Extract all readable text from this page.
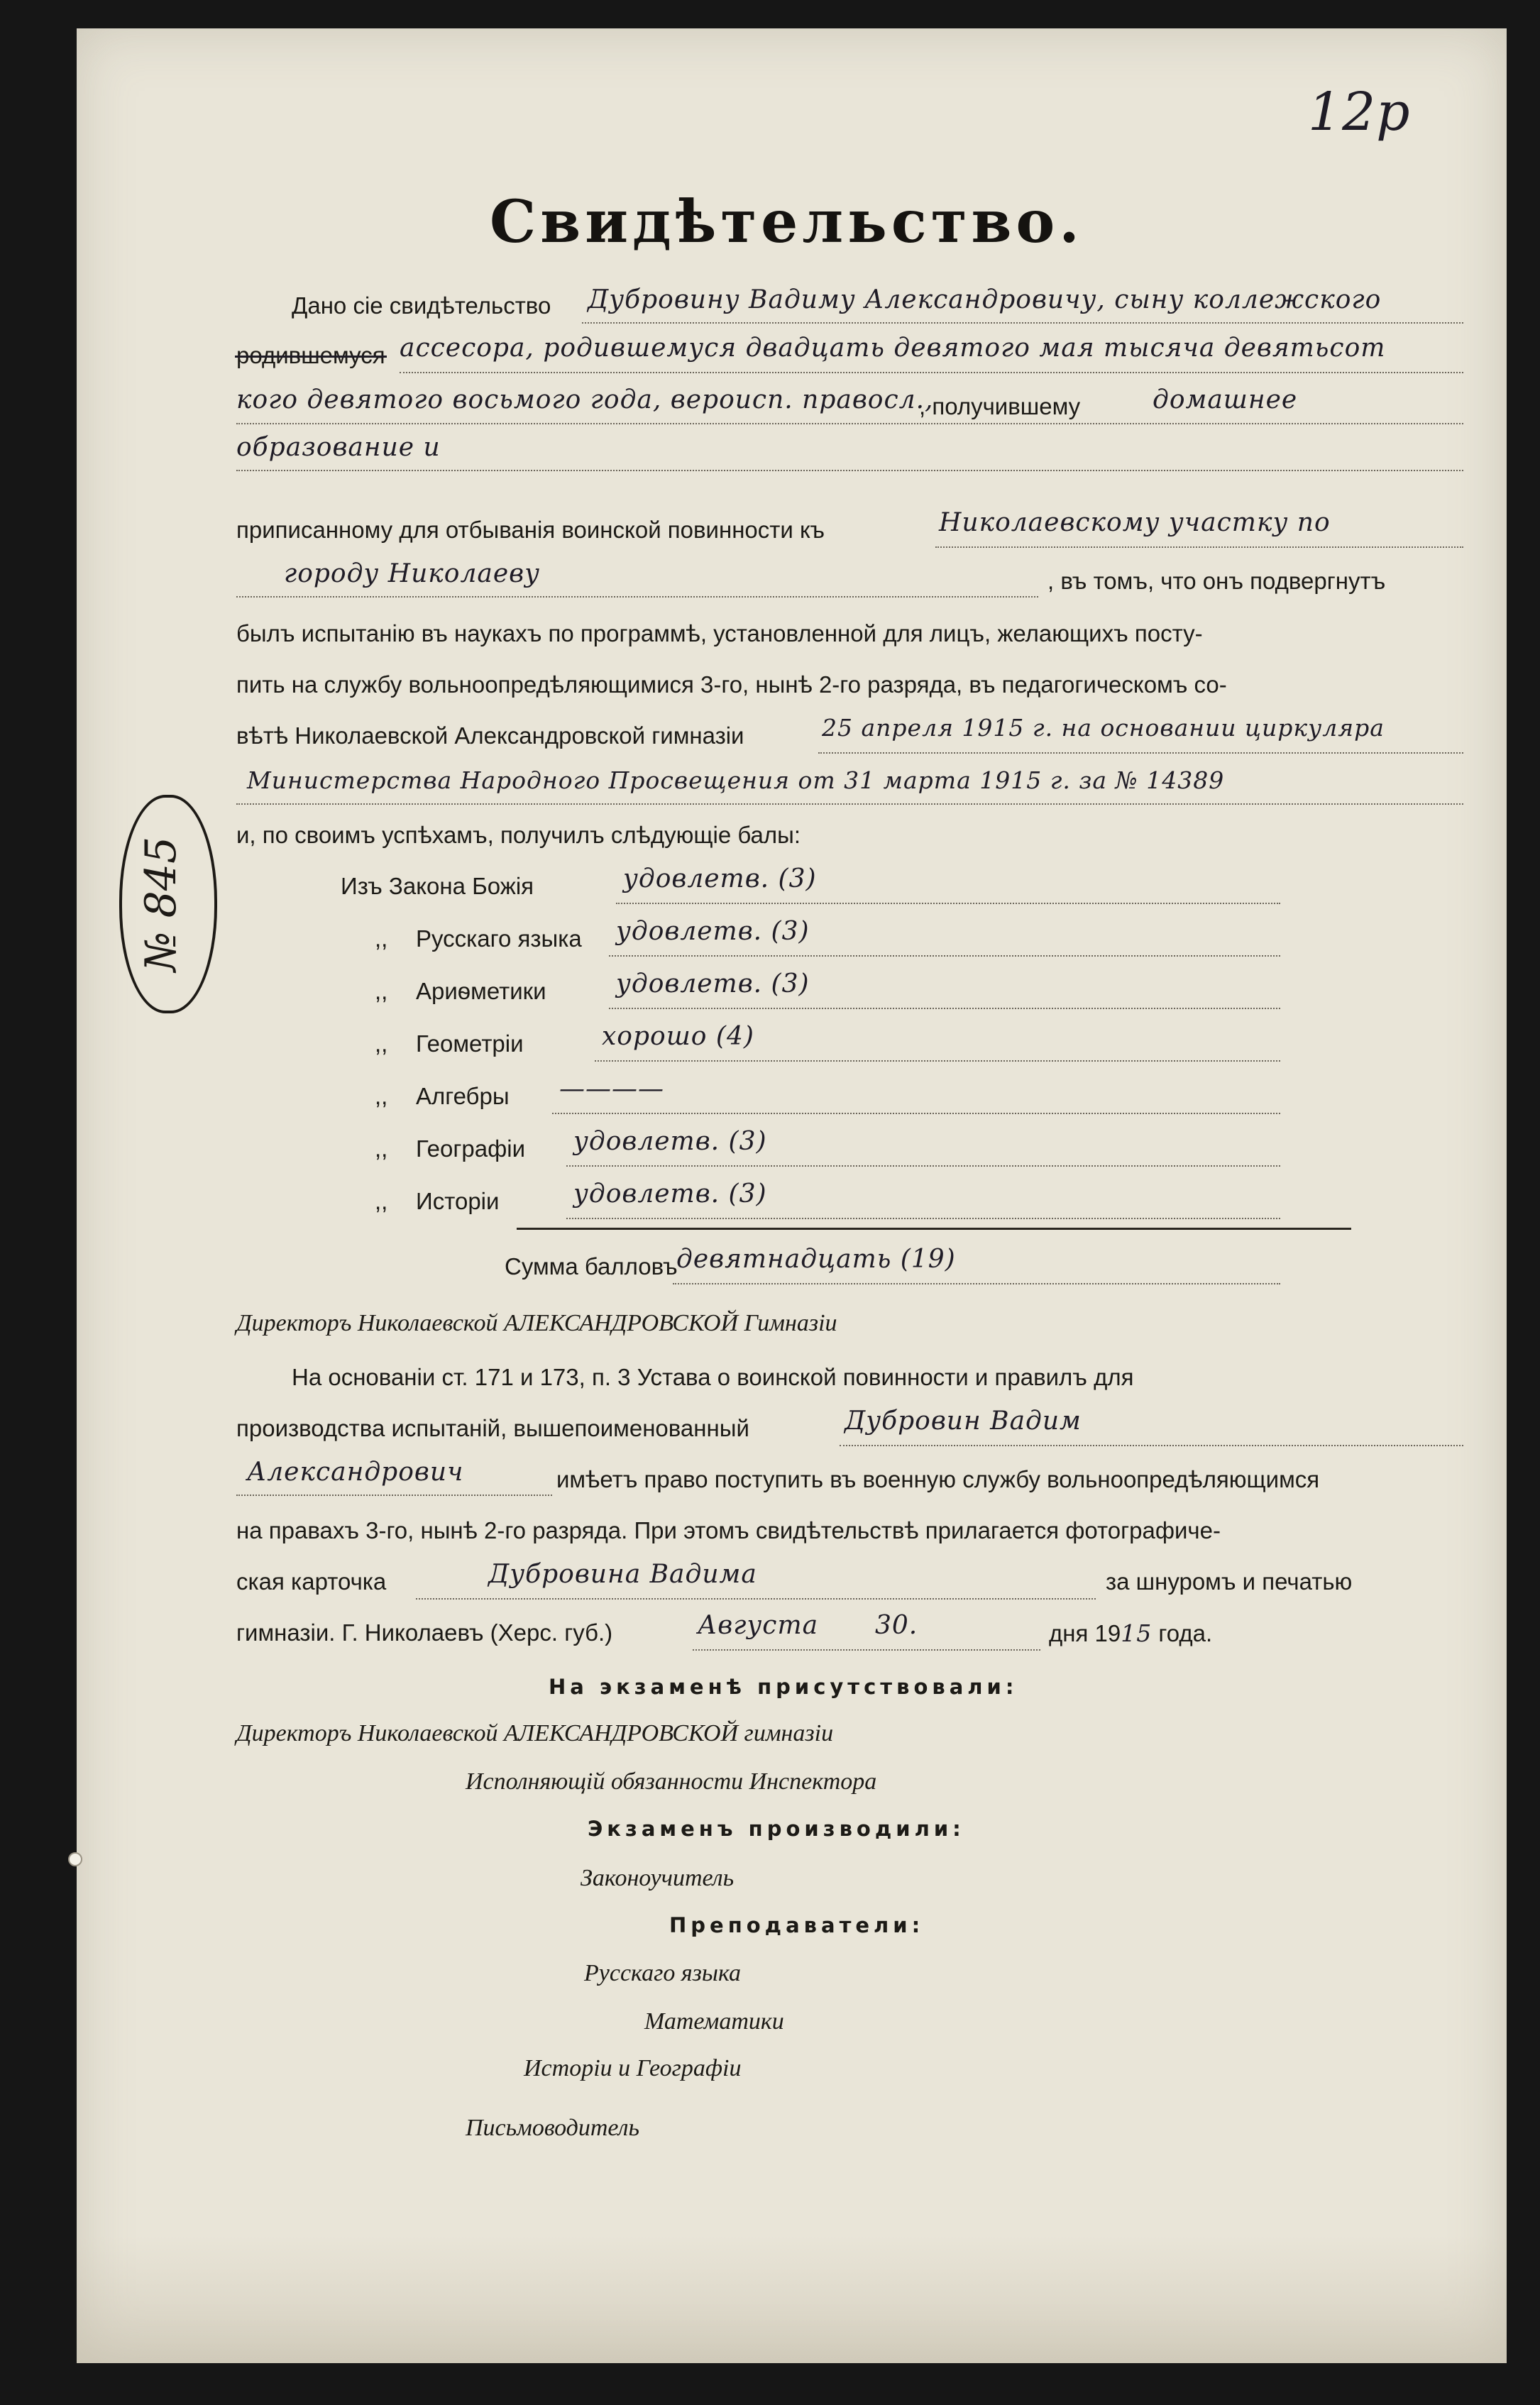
12р
Свидѣтельство.
№ 845
Дано сіе свидѣтельство Дубровину Вадиму Александровичу, сыну коллежского
родившемуся ассесора, родившемуся двадцать девятого мая тысяча девятьсот
кого девятого восьмого года, вероисп. правосл.,
, получившему	домашнее
образование и
приписанному для отбыванія воинской повинности къ	Николаевскому участку по
городу Николаеву	, въ томъ, что онъ подвергнутъ
былъ испытанію въ наукахъ по программѣ, установленной для лицъ, желающихъ посту-
пить на службу вольноопредѣляющимися 3-го, нынѣ 2-го разряда, въ педагогическомъ со-
вѣтѣ Николаевской Александровской гимназіи	25 апреля 1915 г. на основании циркуляра
Министерства Народного Просвещения от 31 марта 1915 г. за № 14389
и, по своимъ успѣхамъ, получилъ слѣдующіе балы:
Изъ Закона Божія	удовлетв. (3)
,, Русскаго языка удовлетв. (3)
,, Ариѳметики	удовлетв. (3)
,, Геометріи	хорошо (4)
,, Алгебры ————
,, Географіи удовлетв. (3)
,, Исторіи	удовлетв. (3)
Сумма балловъ
девятнадцать (19)
Директоръ Николаевской АЛЕКСАНДРОВСКОЙ Гимназіи
На основаніи ст. 171 и 173, п. 3 Устава о воинской повинности и правилъ для
производства испытаній, вышепоименованный	Дубровин Вадим
Александрович	имѣетъ право поступить въ военную службу вольноопредѣляющимся
на правахъ 3-го, нынѣ 2-го разряда. При этомъ свидѣтельствѣ прилагается фотографиче-
ская карточка	Дубровина Вадима	за шнуромъ и печатью
гимназіи. Г. Николаевъ (Херс. губ.)	Августа 30.	дня 1915 года.
На экзаменѣ присутствовали:
Директоръ Николаевской АЛЕКСАНДРОВСКОЙ гимназіи
Исполняющій обязанности Инспектора
Экзаменъ производили:
Законоучитель
Преподаватели:
Русскаго языка
Математики
Исторіи и Географіи
Письмоводитель
